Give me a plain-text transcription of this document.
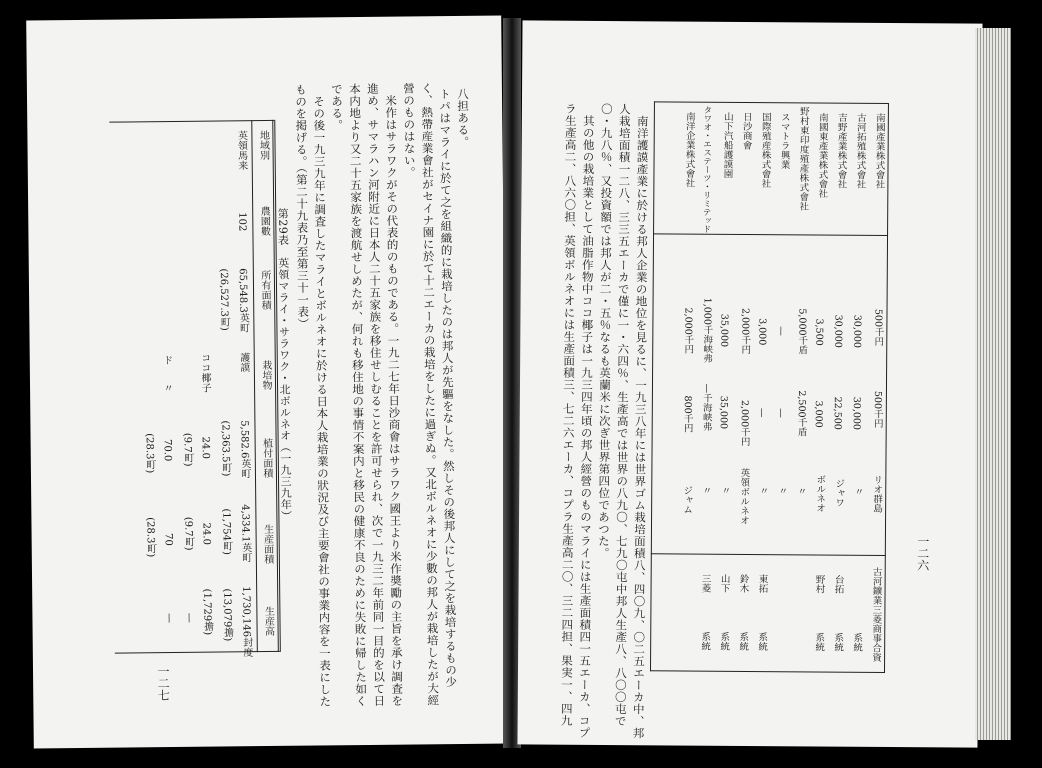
八担ある。
トパはマライに於て之を組織的に栽培したのは邦人が先驅をなした。然しその後邦人にして之を栽培するもの少
く、熱帶産業會社がセイナ園に於て十二エーカの栽培をしたに過ぎぬ。又北ボルネオに少數の邦人が栽培したが大經
營のものはない。
　米作はサラワクがその代表的のものである。一九二七年日沙商會はサラワク國王より米作奬勵の主旨を承け調査を
進め、サマラハン河附近に日本人二十五家族を移住せしむることを許可せられ、次で一九三二年前同一目的を以て日
本内地より又二十五家族を渡航せしめたが、何れも移住地の事情不案内と移民の健康不良のために失敗に帰した如く
である。
　その後一九三九年に調査したマライとボルネオに於ける日本人栽培業の狀況及び主要會社の事業内容を一表にした
ものを掲げる。（第二十九表乃至第三十一表）
第29表　英領マライ・サラワク・北ボルネオ（一九三九年）
地域別
農園數
所有面積
栽培物
植付面積
生産面積
生産高
英領馬来
102
65,548.3英町
護謨
5,582.6英町
4,334.1英町
1,730,146封度
(26,527.3町)
(2,363.5町)
(1,754町)
(13,079擔)
ココ椰子
24.0
24.0
(1,729擔)
(9.7町)
(9.7町)
—
ド
〃
70.0
70
—
(28.3町)
(28.3町)
一二七
一二六
南國產業株式會社
500千円
500千円
リオ群島
古河鑛業三菱商事合資
古河拓殖株式會社
30,000
30,000
〃
系統
吉野產業株式會社
30,000
22,500
ジャワ
台拓
系統
南國東產業株式會社
3,500
3,000
ボルネオ
野村
系統
野村東印度殖產株式會社
5,000千盾
2,500千盾
〃
スマトラ興業
—
—
〃
国際殖産株式會社
3,000
—
〃
東拓
系統
日沙商會
2,000千円
2,000千円
英領ボルネオ
鈴木
系統
山下汽船護謨園
35,000
35,000
〃
山下
系統
タワオ・エステーツ・リミテッド
1,000千海峡弗
—千海峡弗
〃
三菱
系統
南洋企業株式會社
2,000千円
800千円
ジャム
　南洋護謨產業に於ける邦人企業の地位を見るに、一九三八年には世界ゴム栽培面積八、四〇九、〇二五エーカ中、邦
人栽培面積一二八、三三五エーカで僅に一・六四％、生產高では世界の八九〇、七九〇屯中邦人生產八、八〇〇屯で
〇・九八％、又投資額では邦人が二・五％なるも英蘭米に次ぎ世界第四位であつた。
　其の他の栽培業として油脂作物中ココ椰子は一九三四年頃の邦人經營のものマライには生產面積四一五エーカ、コプ
ラ生產高二、八六〇担、英領ボルネオには生產面積三、七二六エーカ、コプラ生產高二〇、三二四担、果実一、四九
